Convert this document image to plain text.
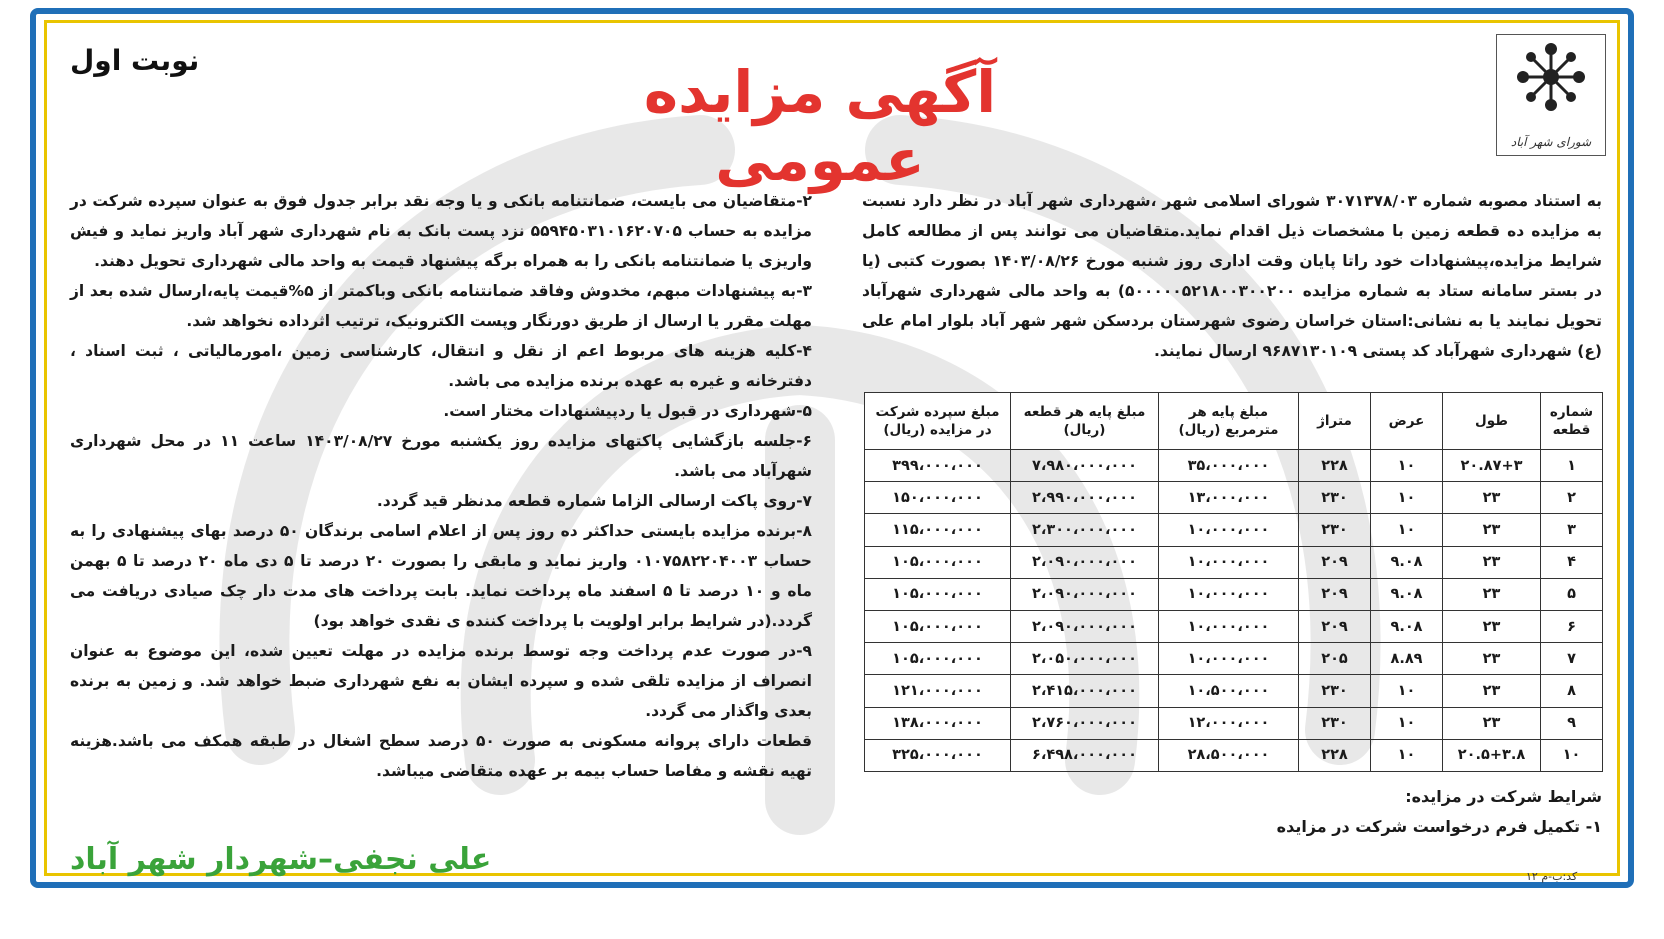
شورای شهر آباد
نوبت اول	آگهی مزایده عمومی

به استناد مصوبه شماره ۳۰۷۱۳۷۸/۰۳ شورای اسلامی شهر ،شهرداری شهر آباد در نظر دارد نسبت به مزایده ده قطعه زمین با مشخصات ذیل اقدام نماید.متقاضیان می توانند پس از مطالعه کامل شرایط مزایده،پیشنهادات خود راتا پایان وقت اداری روز شنبه مورخ ۱۴۰۳/۰۸/۲۶ بصورت کتبی (یا در بستر سامانه ستاد به شماره مزایده ۵۰۰۰۰۰۵۲۱۸۰۰۳۰۰۲۰۰) به واحد مالی شهرداری شهرآباد تحویل نمایند یا به نشانی:استان خراسان رضوی شهرستان بردسکن شهر شهر آباد بلوار امام علی (ع) شهرداری شهرآباد کد پستی ۹۶۸۷۱۳۰۱۰۹ ارسال نمایند.

شماره قطعه	طول	عرض	متراژ	مبلغ پایه هر مترمربع (ریال)	مبلغ پایه هر قطعه (ریال)	مبلغ سپرده شرکت در مزایده (ریال)
۱	۲۰.۸۷+۳	۱۰	۲۲۸	۳۵،۰۰۰،۰۰۰	۷،۹۸۰،۰۰۰،۰۰۰	۳۹۹،۰۰۰،۰۰۰
۲	۲۳	۱۰	۲۳۰	۱۳،۰۰۰،۰۰۰	۲،۹۹۰،۰۰۰،۰۰۰	۱۵۰،۰۰۰،۰۰۰
۳	۲۳	۱۰	۲۳۰	۱۰،۰۰۰،۰۰۰	۲،۳۰۰،۰۰۰،۰۰۰	۱۱۵،۰۰۰،۰۰۰
۴	۲۳	۹.۰۸	۲۰۹	۱۰،۰۰۰،۰۰۰	۲،۰۹۰،۰۰۰،۰۰۰	۱۰۵،۰۰۰،۰۰۰
۵	۲۳	۹.۰۸	۲۰۹	۱۰،۰۰۰،۰۰۰	۲،۰۹۰،۰۰۰،۰۰۰	۱۰۵،۰۰۰،۰۰۰
۶	۲۳	۹.۰۸	۲۰۹	۱۰،۰۰۰،۰۰۰	۲،۰۹۰،۰۰۰،۰۰۰	۱۰۵،۰۰۰،۰۰۰
۷	۲۳	۸.۸۹	۲۰۵	۱۰،۰۰۰،۰۰۰	۲،۰۵۰،۰۰۰،۰۰۰	۱۰۵،۰۰۰،۰۰۰
۸	۲۳	۱۰	۲۳۰	۱۰،۵۰۰،۰۰۰	۲،۴۱۵،۰۰۰،۰۰۰	۱۲۱،۰۰۰،۰۰۰
۹	۲۳	۱۰	۲۳۰	۱۲،۰۰۰،۰۰۰	۲،۷۶۰،۰۰۰،۰۰۰	۱۳۸،۰۰۰،۰۰۰
۱۰	۲۰.۵+۳.۸	۱۰	۲۲۸	۲۸،۵۰۰،۰۰۰	۶،۴۹۸،۰۰۰،۰۰۰	۳۲۵،۰۰۰،۰۰۰
شرایط شرکت در مزایده:
۱- تکمیل فرم درخواست شرکت در مزایده

۲-متقاضیان می بایست، ضمانتنامه بانکی و یا وجه نقد برابر جدول فوق به عنوان سپرده شرکت در مزایده به حساب ۵۵۹۴۵۰۳۱۰۱۶۲۰۷۰۵ نزد پست بانک به نام شهرداری شهر آباد واریز نماید و فیش واریزی یا ضمانتنامه بانکی را به همراه برگه پیشنهاد قیمت به واحد مالی شهرداری تحویل دهند.

۳-به پیشنهادات مبهم، مخدوش وفاقد ضمانتنامه بانکی وباکمتر از ۵%قیمت پایه،ارسال شده بعد از مهلت مقرر یا ارسال از طریق دورنگار وپست الکترونیک، ترتیب اثرداده نخواهد شد.

۴-کلیه هزینه های مربوط اعم از نقل و انتقال، کارشناسی زمین ،امورمالیاتی ، ثبت اسناد ، دفترخانه و غیره به عهده برنده مزایده می باشد.

۵-شهرداری در قبول یا ردپیشنهادات مختار است.

۶-جلسه بازگشایی پاکتهای مزایده روز یکشنبه مورخ ۱۴۰۳/۰۸/۲۷ ساعت ۱۱ در محل شهرداری شهرآباد می باشد.

۷-روی پاکت ارسالی الزاما شماره قطعه مدنظر قید گردد.

۸-برنده مزایده بایستی حداکثر ده روز پس از اعلام اسامی برندگان ۵۰ درصد بهای پیشنهادی را به حساب ۰۱۰۷۵۸۲۲۰۴۰۰۳ واریز نماید و مابقی را بصورت ۲۰ درصد تا ۵ دی ماه ۲۰ درصد تا ۵ بهمن ماه و ۱۰ درصد تا ۵ اسفند ماه پرداخت نماید. بابت پرداخت های مدت دار چک صیادی دریافت می گردد.(در شرایط برابر اولویت با پرداخت کننده ی نقدی خواهد بود)

۹-در صورت عدم پرداخت وجه توسط برنده مزایده در مهلت تعیین شده، این موضوع به عنوان انصراف از مزایده تلقی شده و سپرده ایشان به نفع شهرداری ضبط خواهد شد. و زمین به برنده بعدی واگذار می گردد.

قطعات دارای پروانه مسکونی به صورت ۵۰ درصد سطح اشغال در طبقه همکف می باشد.هزینه تهیه نقشه و مفاصا حساب بیمه بر عهده متقاضی میباشد.

علی نجفی–شهردار شهر آباد	کد:ب-م ۱۲
